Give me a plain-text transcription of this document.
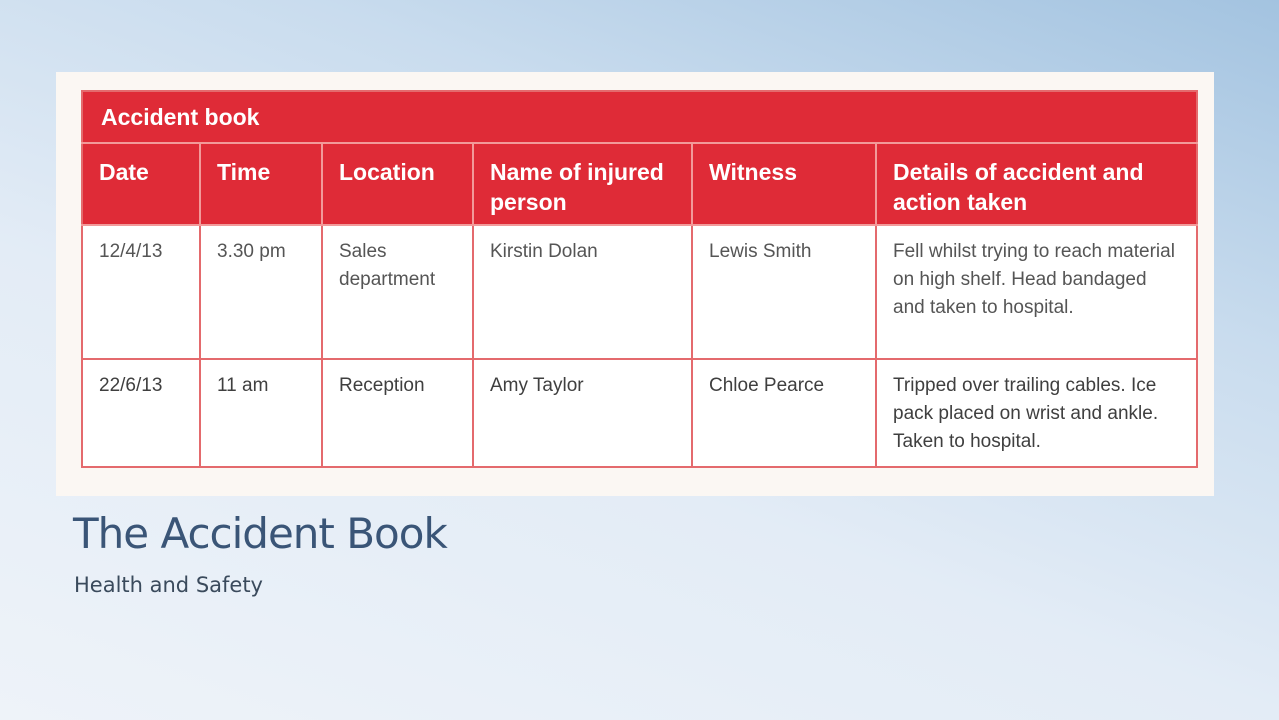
Accident book					
Date	Time	Location	Name of injured person	Witness	Details of accident and action taken
12/4/13	3.30 pm	Sales department	Kirstin Dolan	Lewis Smith	Fell whilst trying to reach material on high shelf. Head bandaged and taken to hospital.
22/6/13	11 am	Reception	Amy Taylor	Chloe Pearce	Tripped over trailing cables. Ice pack placed on wrist and ankle. Taken to hospital.
The Accident Book

Health and Safety
